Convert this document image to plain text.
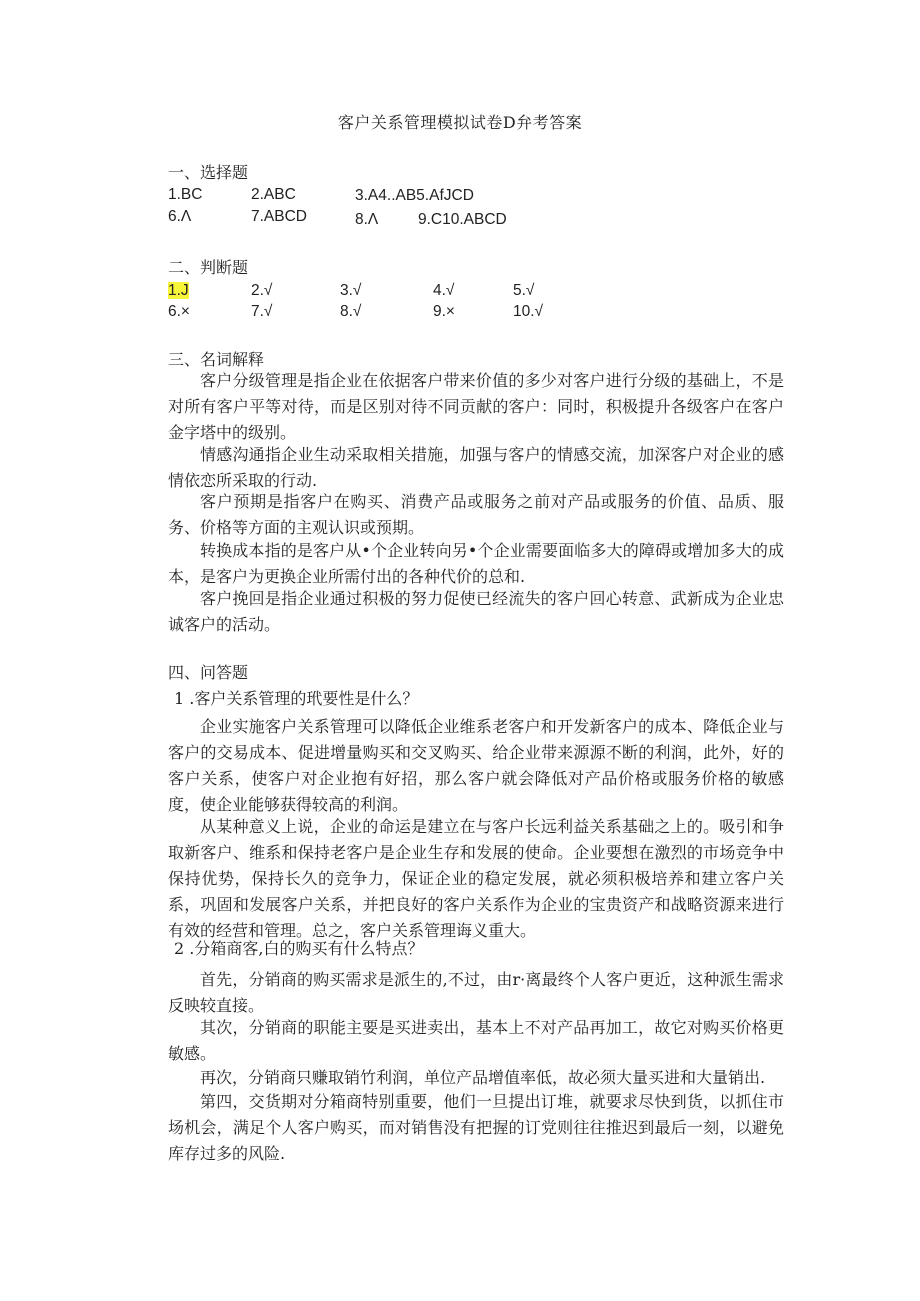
客户关系管理模拟试卷D弁考答案
一、选择题
1.BC	2.ABC	3.A4..AB5.AfJCD
6.Λ	7.ABCD	8.Λ	9.C10.ABCD
二、判断题
1.J	2.√	3.√	4.√	5.√
6.×	7.√	8.√	9.×	10.√
三、名词解释

客户分级管理是指企业在依据客户带来价值的多少对客户进行分级的基础上，不是对所有客户平等对待，而是区别对待不同贡献的客户：同时，积极提升各级客户在客户金字塔中的级别。

情感沟通指企业生动采取相关措施，加强与客户的情感交流，加深客户对企业的感情依恋所采取的行动.

客户预期是指客户在购买、消费产品或服务之前对产品或服务的价值、品质、服务、价格等方面的主观认识或预期。

转换成本指的是客户从•个企业转向另•个企业需要面临多大的障碍或增加多大的成本，是客户为更换企业所需付出的各种代价的总和.

客户挽回是指企业通过积极的努力促使已经流失的客户回心转意、武新成为企业忠诚客户的活动。

四、问答题
1 .客户关系管理的玳要性是什么？

企业实施客户关系管理可以降低企业维系老客户和开发新客户的成本、降低企业与客户的交易成本、促进增量购买和交叉购买、给企业带来源源不断的利润，此外，好的客户关系，使客户对企业抱有好招，那么客户就会降低对产品价格或服务价格的敏感度，使企业能够获得较高的利润。

从某种意义上说，企业的命运是建立在与客户长远利益关系基础之上的。吸引和争取新客户、维系和保持老客户是企业生存和发展的使命。企业要想在激烈的市场竞争中保持优势，保持长久的竞争力，保证企业的稳定发展，就必须积极培养和建立客户关系，巩固和发展客户关系，并把良好的客户关系作为企业的宝贵资产和战略资源来进行有效的经营和管理。总之，客户关系管理诲义重大。

2 .分箱商客,白的购买有什么特点？

首先，分销商的购买需求是派生的,不过，由r·离最终个人客户更近，这种派生需求反映较直接。

其次，分销商的职能主要是买进卖出，基本上不对产品再加工，故它对购买价格更敏感。

再次，分销商只赚取销竹利润，单位产品增值率低，故必须大量买进和大量销出.

第四，交货期对分箱商特别重要，他们一旦提出订堆，就要求尽快到货，以抓住市场机会，满足个人客户购买，而对销售没有把握的订党则往往推迟到最后一刻，以避免库存过多的风险.
